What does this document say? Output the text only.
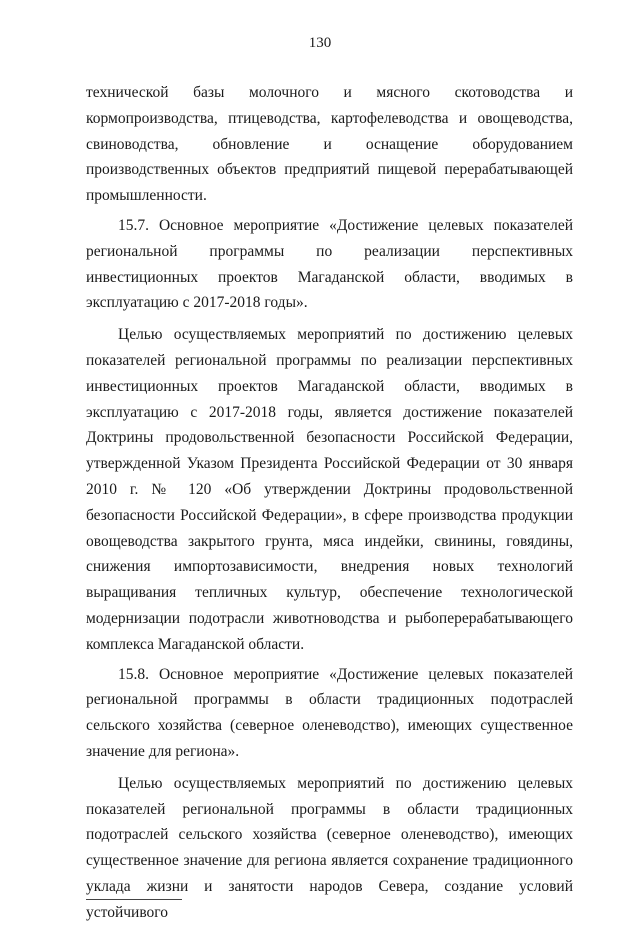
130

технической базы молочного и мясного скотоводства и кормопроизводства, птицеводства, картофелеводства и овощеводства, свиноводства, обновление и оснащение оборудованием производственных объектов предприятий пищевой перерабатывающей промышленности.

15.7. Основное мероприятие «Достижение целевых показателей региональной программы по реализации перспективных инвестиционных проектов Магаданской области, вводимых в эксплуатацию с 2017-2018 годы».

Целью осуществляемых мероприятий по достижению целевых показателей региональной программы по реализации перспективных инвестиционных проектов Магаданской области, вводимых в эксплуатацию с 2017-2018 годы, является достижение показателей Доктрины продовольственной безопасности Российской Федерации, утвержденной Указом Президента Российской Федерации от 30 января 2010 г. № 120 «Об утверждении Доктрины продовольственной безопасности Российской Федерации», в сфере производства продукции овощеводства закрытого грунта, мяса индейки, свинины, говядины, снижения импортозависимости, внедрения новых технологий выращивания тепличных культур, обеспечение технологической модернизации подотрасли животноводства и рыбоперерабатывающего комплекса Магаданской области.

15.8. Основное мероприятие «Достижение целевых показателей региональной программы в области традиционных подотраслей сельского хозяйства (северное оленеводство), имеющих существенное значение для региона».

Целью осуществляемых мероприятий по достижению целевых показателей региональной программы в области традиционных подотраслей сельского хозяйства (северное оленеводство), имеющих существенное значение для региона является сохранение традиционного уклада жизни и занятости народов Севера, создание условий устойчивого
